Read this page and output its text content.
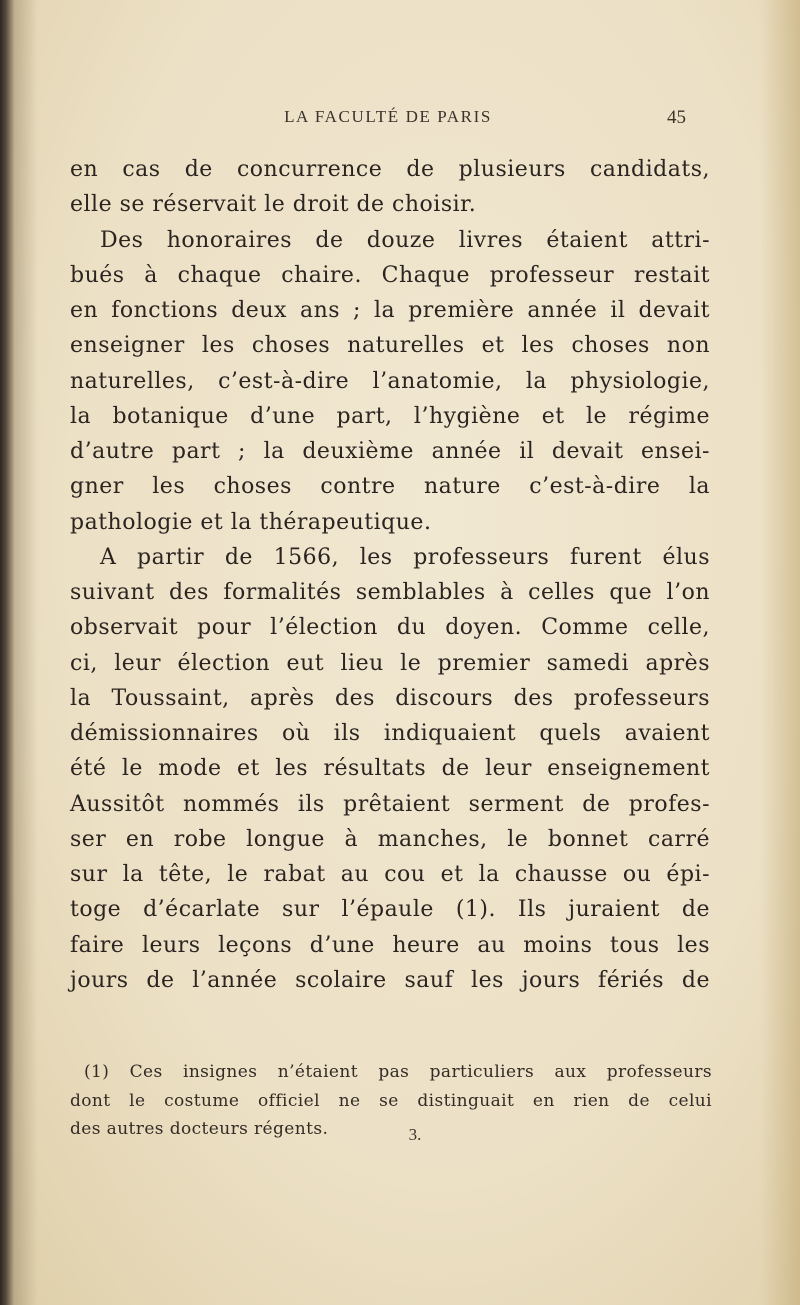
LA FACULTÉ DE PARIS	45
en cas de concurrence de plusieurs candidats,
elle se réservait le droit de choisir.
Des honoraires de douze livres étaient attri-
bués à chaque chaire. Chaque professeur restait
en fonctions deux ans ; la première année il devait
enseigner les choses naturelles et les choses non
naturelles, c’est-à-dire l’anatomie, la physiologie,
la botanique d’une part, l’hygiène et le régime
d’autre part ; la deuxième année il devait ensei-
gner les choses contre nature c’est-à-dire la
pathologie et la thérapeutique.
A partir de 1566, les professeurs furent élus
suivant des formalités semblables à celles que l’on
observait pour l’élection du doyen. Comme celle,
ci, leur élection eut lieu le premier samedi après
la Toussaint, après des discours des professeurs
démissionnaires où ils indiquaient quels avaient
été le mode et les résultats de leur enseignement
Aussitôt nommés ils prêtaient serment de profes-
ser en robe longue à manches, le bonnet carré
sur la tête, le rabat au cou et la chausse ou épi-
toge d’écarlate sur l’épaule (1). Ils juraient de
faire leurs leçons d’une heure au moins tous les
jours de l’année scolaire sauf les jours fériés de
(1) Ces insignes n’étaient pas particuliers aux professeurs
dont le costume officiel ne se distinguait en rien de celui
des autres docteurs régents.	3.
